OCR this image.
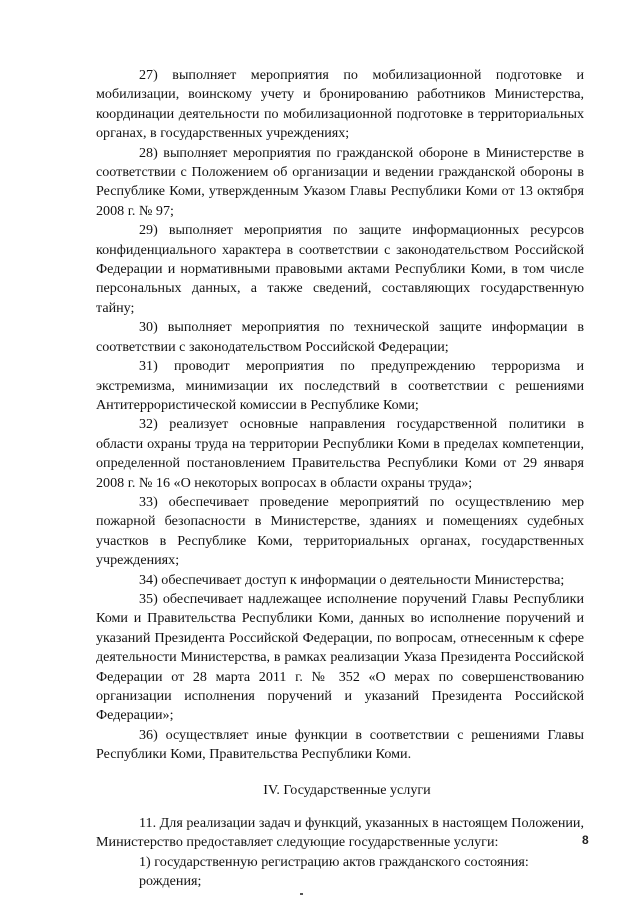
27) выполняет мероприятия по мобилизационной подготовке и мобилизации, воинскому учету и бронированию работников Министерства, координации деятельности по мобилизационной подготовке в территориальных органах, в государственных учреждениях;

28) выполняет мероприятия по гражданской обороне в Министерстве в соответствии с Положением об организации и ведении гражданской обороны в Республике Коми, утвержденным Указом Главы Республики Коми от 13 октября 2008 г. № 97;

29) выполняет мероприятия по защите информационных ресурсов конфиденциального характера в соответствии с законодательством Российской Федерации и нормативными правовыми актами Республики Коми, в том числе персональных данных, а также сведений, составляющих государственную тайну;

30) выполняет мероприятия по технической защите информации в соответствии с законодательством Российской Федерации;

31) проводит мероприятия по предупреждению терроризма и экстремизма, минимизации их последствий в соответствии с решениями Антитеррористической комиссии в Республике Коми;

32) реализует основные направления государственной политики в области охраны труда на территории Республики Коми в пределах компетенции, определенной постановлением Правительства Республики Коми от 29 января 2008 г. № 16 «О некоторых вопросах в области охраны труда»;

33) обеспечивает проведение мероприятий по осуществлению мер пожарной безопасности в Министерстве, зданиях и помещениях судебных участков в Республике Коми, территориальных органах, государственных учреждениях;

34) обеспечивает доступ к информации о деятельности Министерства;

35) обеспечивает надлежащее исполнение поручений Главы Республики Коми и Правительства Республики Коми, данных во исполнение поручений и указаний Президента Российской Федерации, по вопросам, отнесенным к сфере деятельности Министерства, в рамках реализации Указа Президента Российской Федерации от 28 марта 2011 г. № 352 «О мерах по совершенствованию организации исполнения поручений и указаний Президента Российской Федерации»;

36) осуществляет иные функции в соответствии с решениями Главы Республики Коми, Правительства Республики Коми.

IV. Государственные услуги

11. Для реализации задач и функций, указанных в настоящем Положении, Министерство предоставляет следующие государственные услуги:

1) государственную регистрацию актов гражданского состояния:

рождения;

8
